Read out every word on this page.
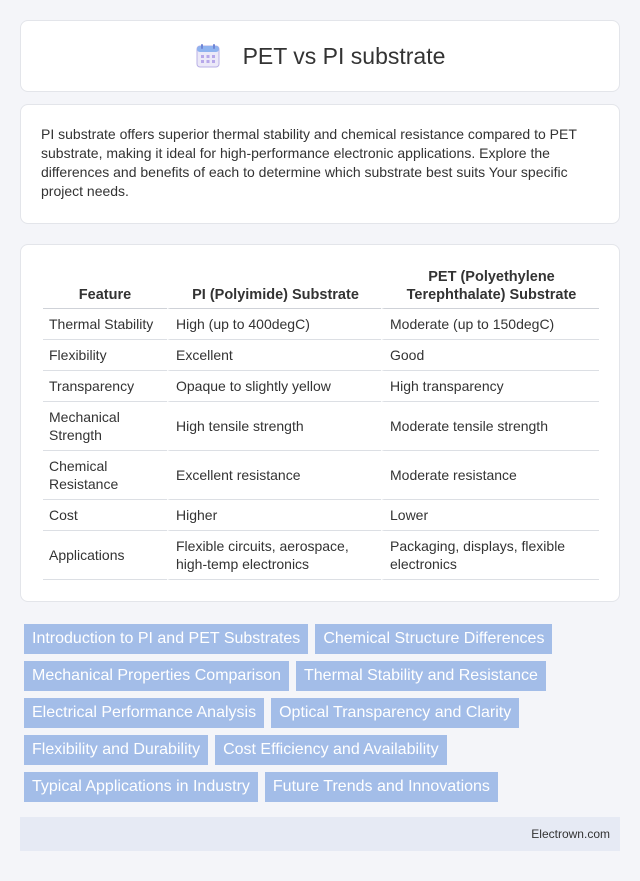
PET vs PI substrate

PI substrate offers superior thermal stability and chemical resistance compared to PET substrate, making it ideal for high-performance electronic applications. Explore the differences and benefits of each to determine which substrate best suits Your specific project needs.

Feature	PI (Polyimide) Substrate	PET (Polyethylene Terephthalate) Substrate
Thermal Stability	High (up to 400degC)	Moderate (up to 150degC)
Flexibility	Excellent	Good
Transparency	Opaque to slightly yellow	High transparency
Mechanical Strength	High tensile strength	Moderate tensile strength
Chemical Resistance	Excellent resistance	Moderate resistance
Cost	Higher	Lower
Applications	Flexible circuits, aerospace, high-temp electronics	Packaging, displays, flexible electronics
Introduction to PI and PET Substrates	Chemical Structure Differences
Mechanical Properties Comparison	Thermal Stability and Resistance
Electrical Performance Analysis	Optical Transparency and Clarity
Flexibility and Durability	Cost Efficiency and Availability
Typical Applications in Industry	Future Trends and Innovations
Electrown.com
